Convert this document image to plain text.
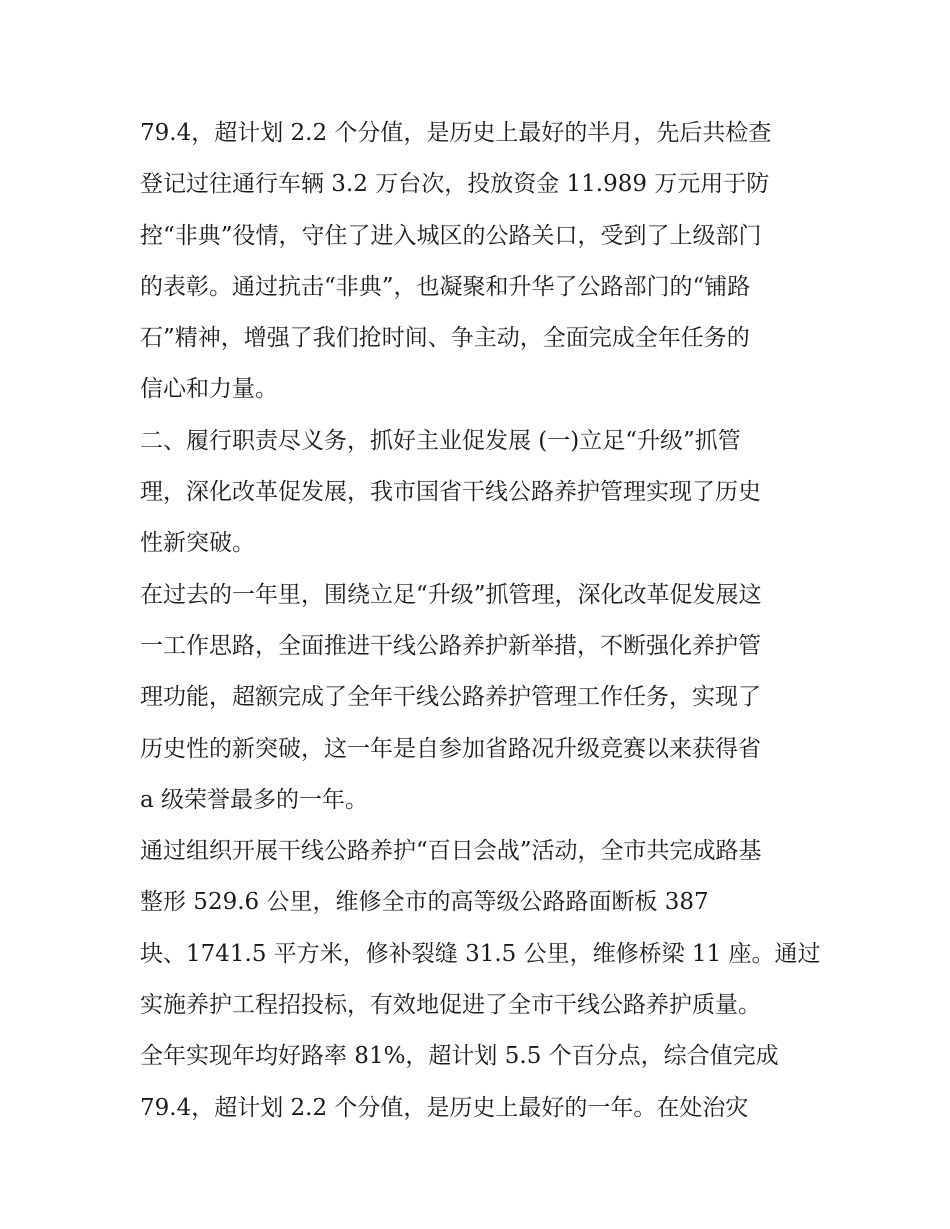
79.4，超计划 2.2 个分值，是历史上最好的半月，先后共检查
登记过往通行车辆 3.2 万台次，投放资金 11.989 万元用于防
控“非典”役情，守住了进入城区的公路关口，受到了上级部门
的表彰。通过抗击“非典”，也凝聚和升华了公路部门的“铺路
石”精神，增强了我们抢时间、争主动，全面完成全年任务的
信心和力量。
二、履行职责尽义务，抓好主业促发展 (一)立足“升级”抓管
理，深化改革促发展，我市国省干线公路养护管理实现了历史
性新突破。
在过去的一年里，围绕立足“升级”抓管理，深化改革促发展这
一工作思路，全面推进干线公路养护新举措，不断强化养护管
理功能，超额完成了全年干线公路养护管理工作任务，实现了
历史性的新突破，这一年是自参加省路况升级竞赛以来获得省
a 级荣誉最多的一年。
通过组织开展干线公路养护“百日会战”活动，全市共完成路基
整形 529.6 公里，维修全市的高等级公路路面断板 387
块、1741.5 平方米，修补裂缝 31.5 公里，维修桥梁 11 座。通过
实施养护工程招投标，有效地促进了全市干线公路养护质量。
全年实现年均好路率 81%，超计划 5.5 个百分点，综合值完成
79.4，超计划 2.2 个分值，是历史上最好的一年。在处治灾
